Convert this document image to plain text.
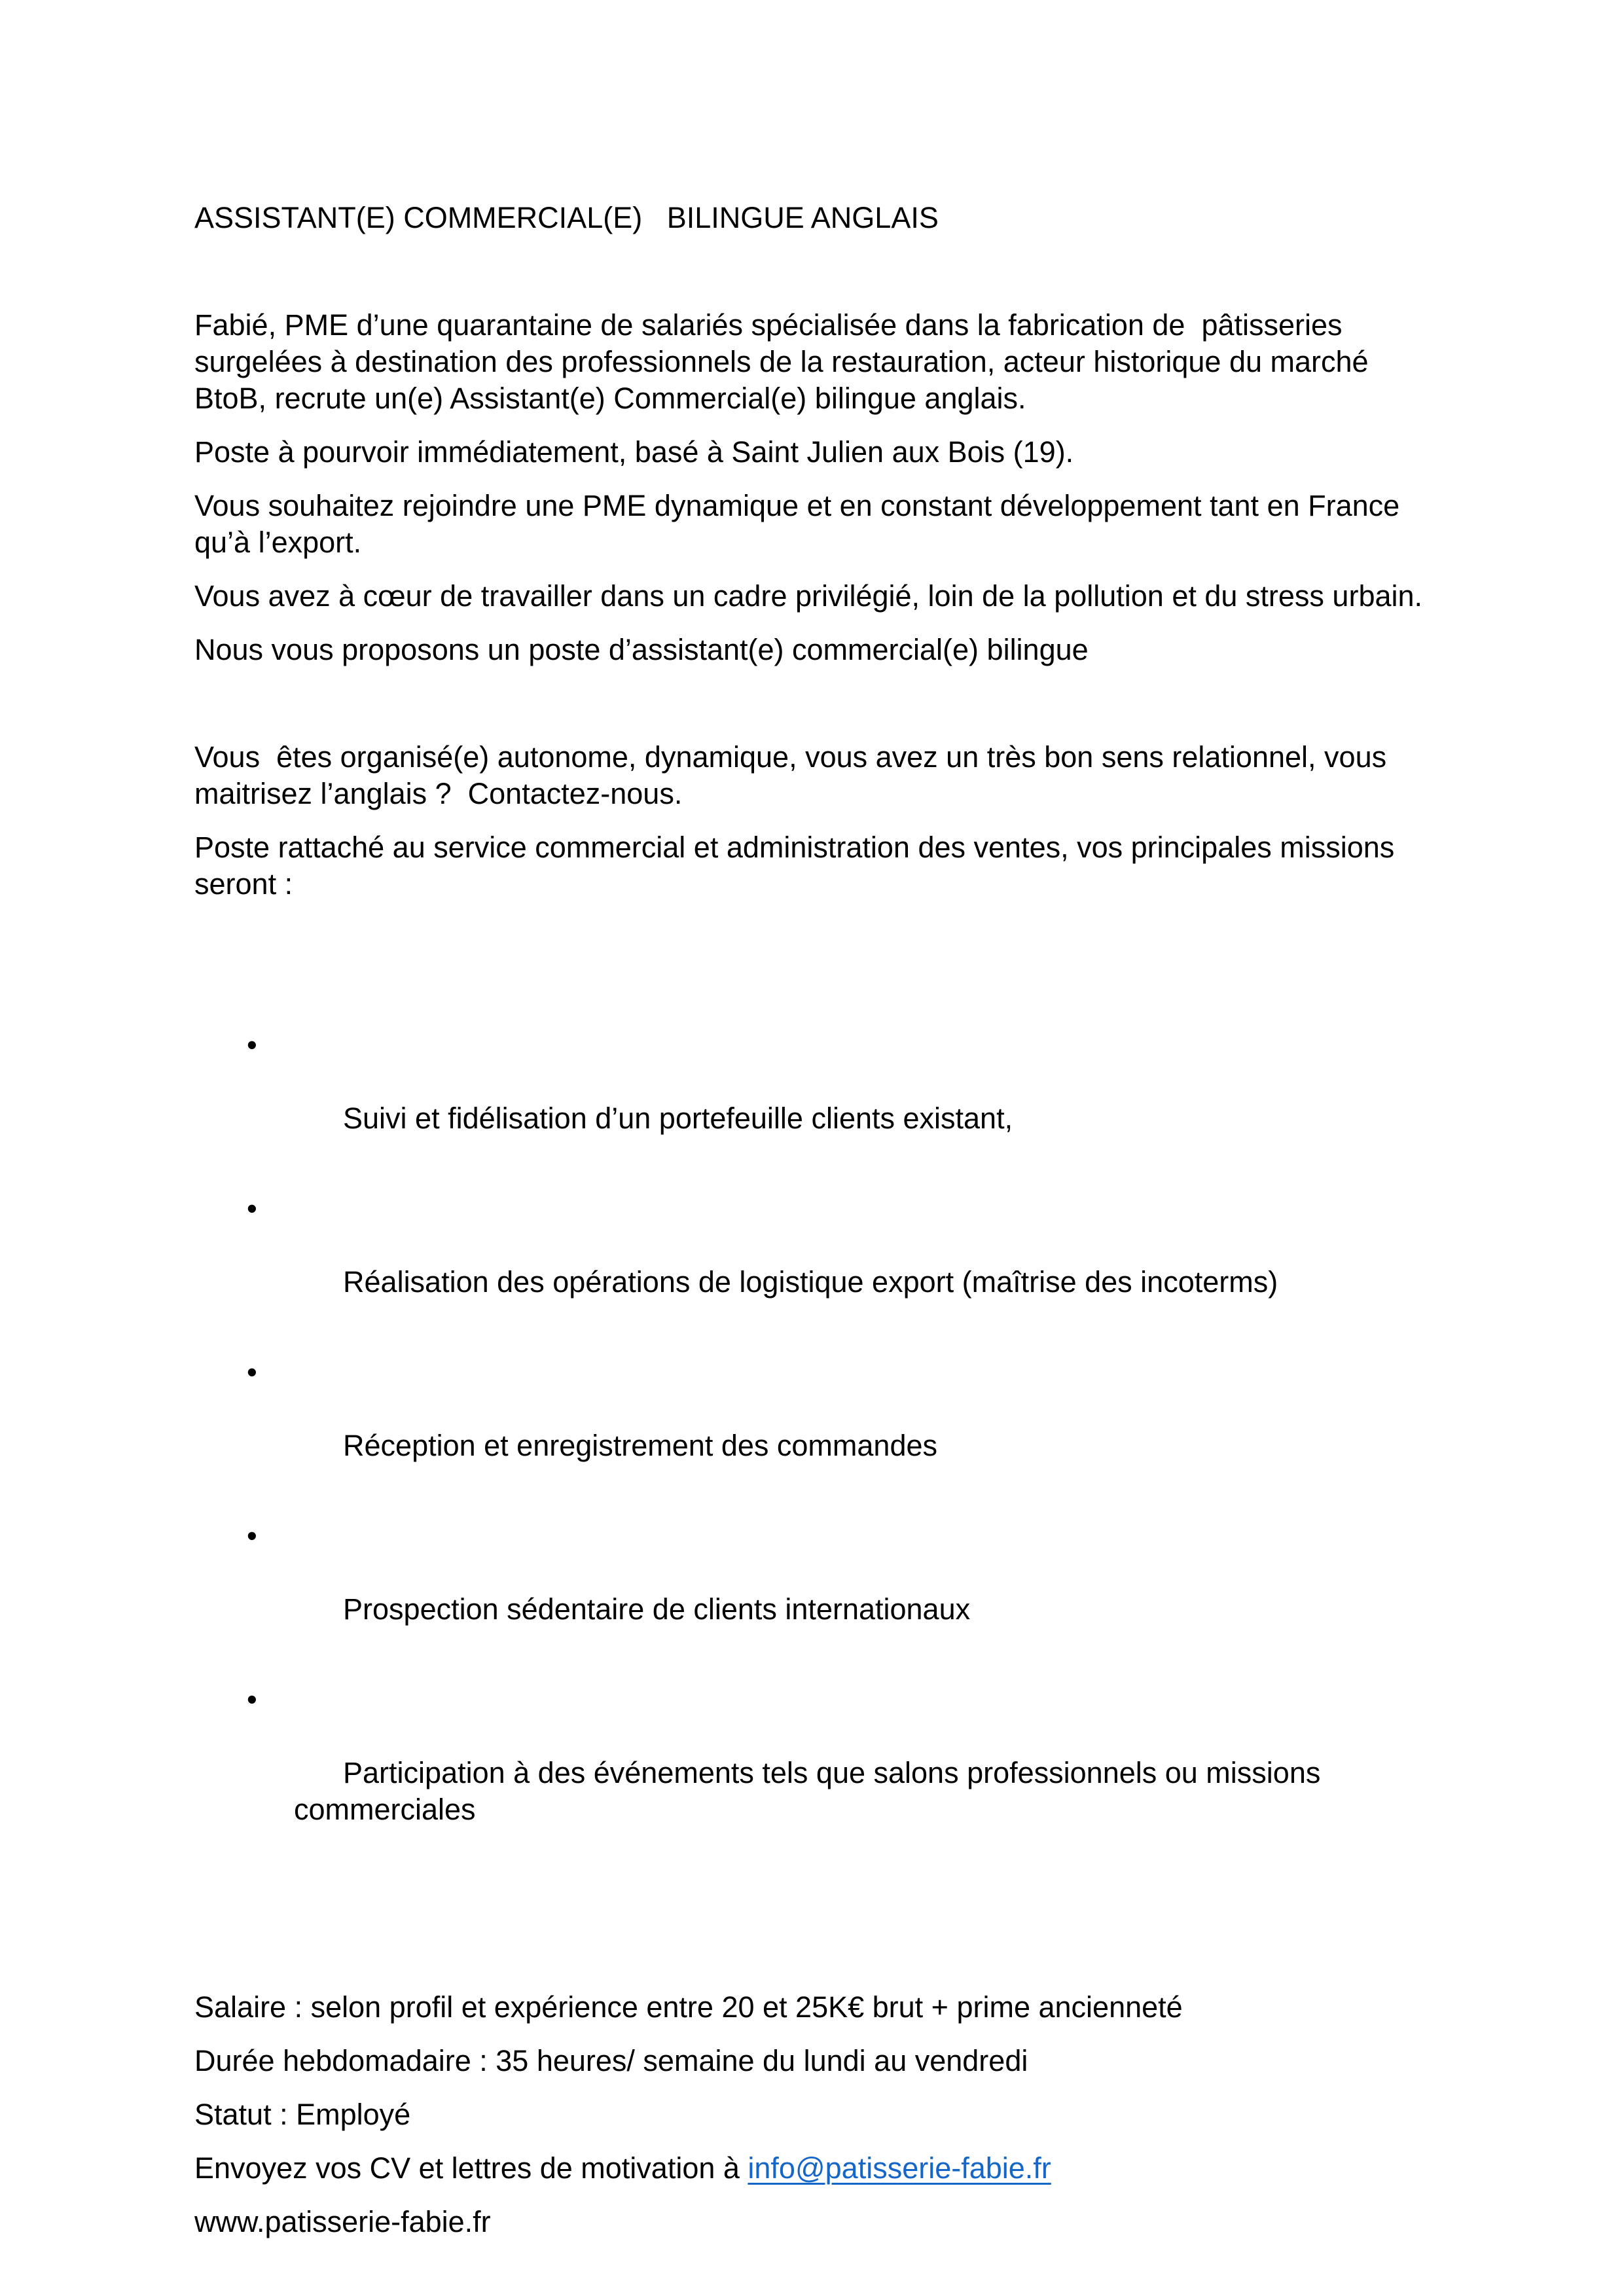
ASSISTANT(E) COMMERCIAL(E)   BILINGUE ANGLAIS

Fabié, PME d’une quarantaine de salariés spécialisée dans la fabrication de  pâtisseries surgelées à destination des professionnels de la restauration, acteur historique du marché BtoB, recrute un(e) Assistant(e) Commercial(e) bilingue anglais.

Poste à pourvoir immédiatement, basé à Saint Julien aux Bois (19).

Vous souhaitez rejoindre une PME dynamique et en constant développement tant en France qu’à l’export.

Vous avez à cœur de travailler dans un cadre privilégié, loin de la pollution et du stress urbain.

Nous vous proposons un poste d’assistant(e) commercial(e) bilingue

Vous  êtes organisé(e) autonome, dynamique, vous avez un très bon sens relationnel, vous maitrisez l’anglais ?  Contactez-nous.

Poste rattaché au service commercial et administration des ventes, vos principales missions seront :

•

Suivi et fidélisation d’un portefeuille clients existant,

•

Réalisation des opérations de logistique export (maîtrise des incoterms)

•

Réception et enregistrement des commandes

•

Prospection sédentaire de clients internationaux

•

Participation à des événements tels que salons professionnels ou missions commerciales

Salaire : selon profil et expérience entre 20 et 25K€ brut + prime ancienneté

Durée hebdomadaire : 35 heures/ semaine du lundi au vendredi

Statut : Employé

Envoyez vos CV et lettres de motivation à info@patisserie-fabie.fr

www.patisserie-fabie.fr
